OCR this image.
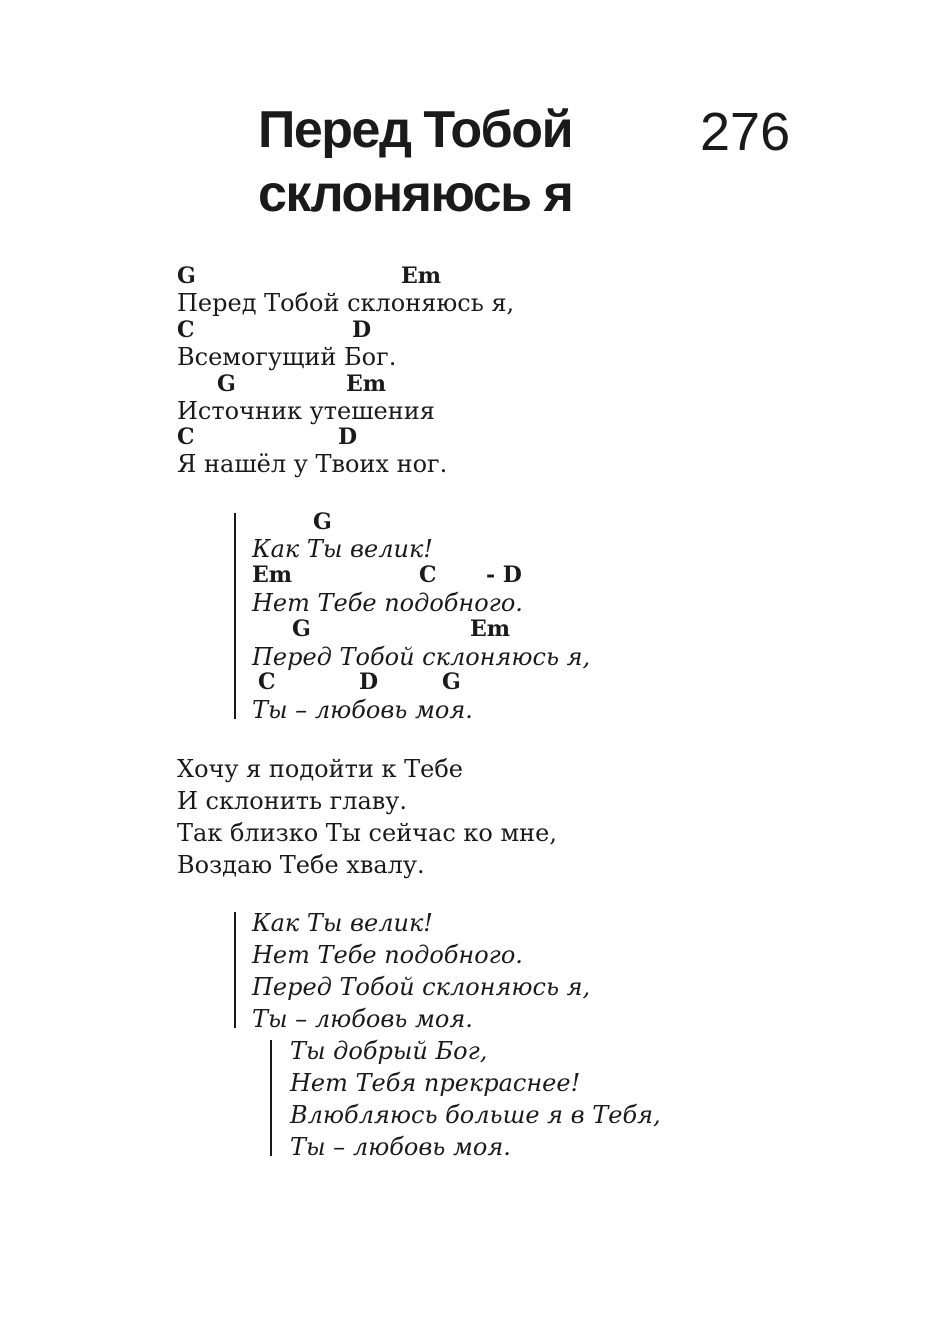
Перед Тобой
склоняюсь я
276
G	Em
Перед Тобой склоняюсь я,
C	D
Всемогущий Бог.
G	Em
Источник утешения
C	D
Я нашёл у Твоих ног.
G
Как Ты велик!
Em	C - D
Нет Тебе подобного.
G	Em
Перед Тобой склоняюсь я,
C	D	G
Ты – любовь моя.
Хочу я подойти к Тебе
И склонить главу.
Так близко Ты сейчас ко мне,
Воздаю Тебе хвалу.
Как Ты велик!
Нет Тебе подобного.
Перед Тобой склоняюсь я,
Ты – любовь моя.
Ты добрый Бог,
Нет Тебя прекраснее!
Влюбляюсь больше я в Тебя,
Ты – любовь моя.
